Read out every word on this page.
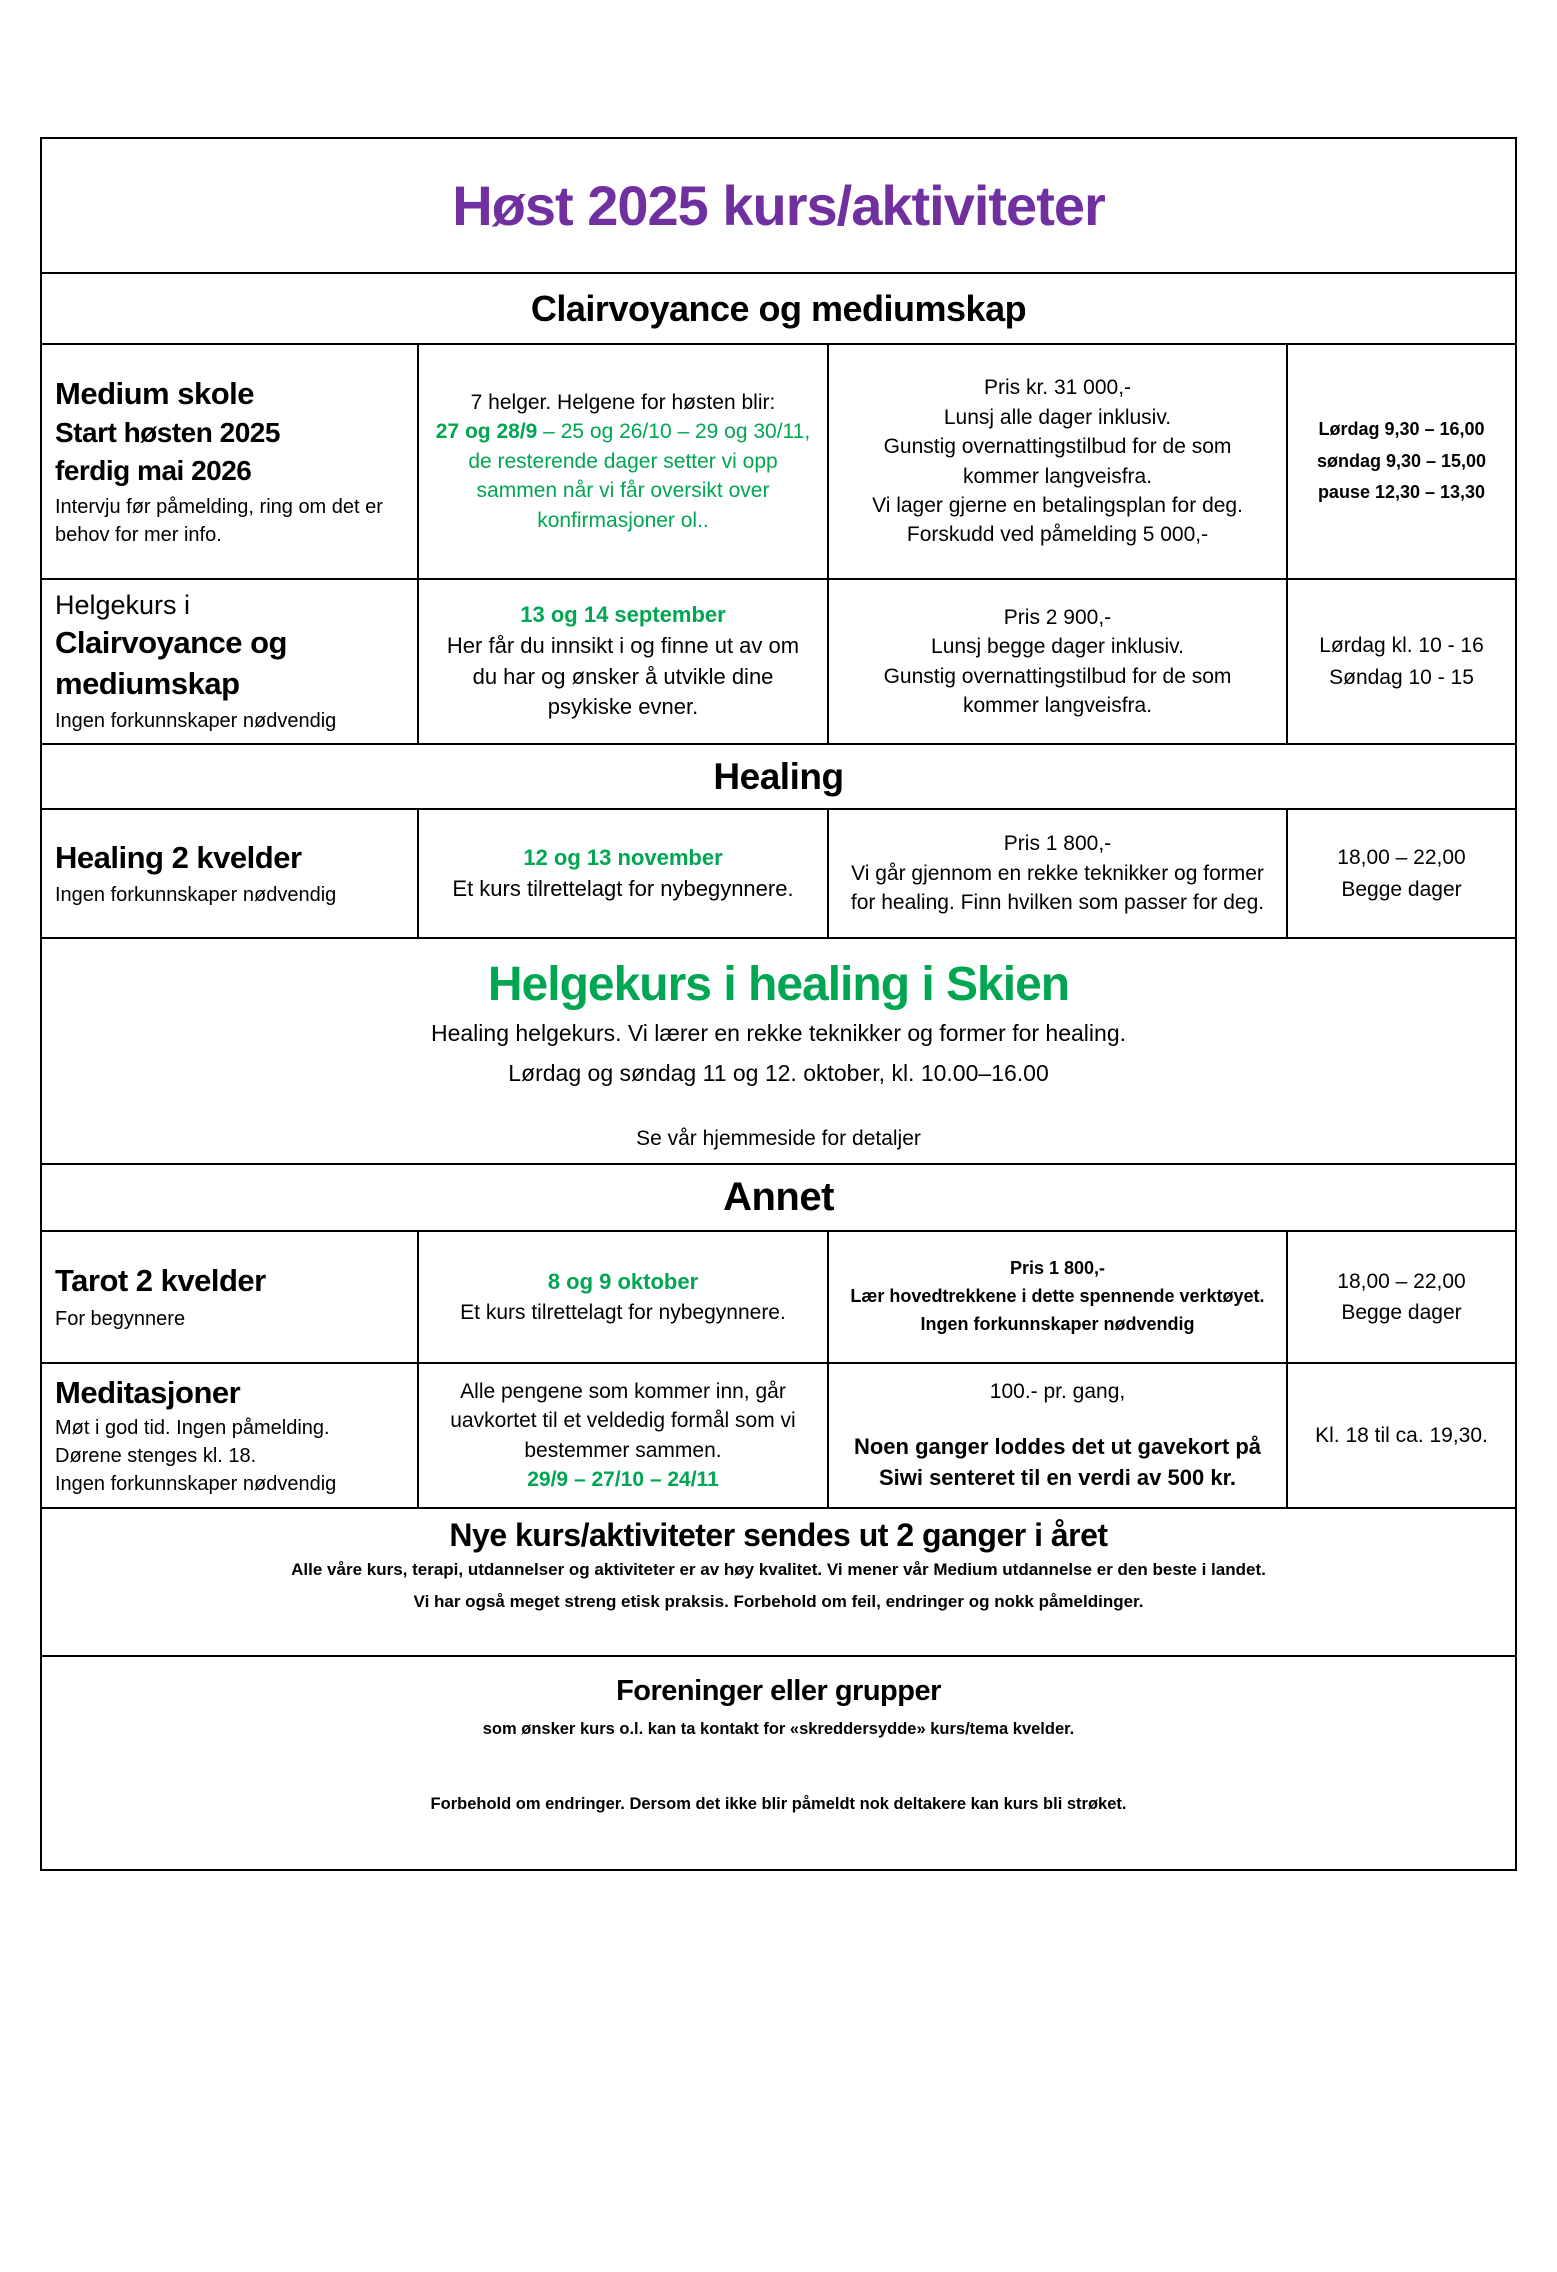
Høst 2025 kurs/aktiviteter
Clairvoyance og mediumskap
Medium skole
Start høsten 2025
ferdig mai 2026
Intervju før påmelding, ring om det er behov for mer info.
7 helger. Helgene for høsten blir:
27 og 28/9 – 25 og 26/10 – 29 og 30/11, de resterende dager setter vi opp sammen når vi får oversikt over konfirmasjoner ol..
Pris kr. 31 000,-
Lunsj alle dager inklusiv.
Gunstig overnattingstilbud for de som kommer langveisfra.
Vi lager gjerne en betalingsplan for deg.
Forskudd ved påmelding 5 000,-
Lørdag 9,30 – 16,00
søndag 9,30 – 15,00
pause 12,30 – 13,30
Helgekurs i
Clairvoyance og mediumskap
Ingen forkunnskaper nødvendig
13 og 14 september
Her får du innsikt i og finne ut av om du har og ønsker å utvikle dine psykiske evner.
Pris 2 900,-
Lunsj begge dager inklusiv.
Gunstig overnattingstilbud for de som kommer langveisfra.
Lørdag kl. 10 - 16
Søndag 10 - 15
Healing
Healing 2 kvelder
Ingen forkunnskaper nødvendig
12 og 13 november
Et kurs tilrettelagt for nybegynnere.
Pris 1 800,-
Vi går gjennom en rekke teknikker og former for healing. Finn hvilken som passer for deg.
18,00 – 22,00
Begge dager
Helgekurs i healing i Skien
Healing helgekurs. Vi lærer en rekke teknikker og former for healing.
Lørdag og søndag 11 og 12. oktober, kl. 10.00–16.00
Se vår hjemmeside for detaljer
Annet
Tarot 2 kvelder
For begynnere
8 og 9 oktober
Et kurs tilrettelagt for nybegynnere.
Pris 1 800,-
Lær hovedtrekkene i dette spennende verktøyet.
Ingen forkunnskaper nødvendig
18,00 – 22,00
Begge dager
Meditasjoner
Møt i god tid. Ingen påmelding.
Dørene stenges kl. 18.
Ingen forkunnskaper nødvendig
Alle pengene som kommer inn, går uavkortet til et veldedig formål som vi bestemmer sammen.
29/9 – 27/10 – 24/11
100.- pr. gang,
Noen ganger loddes det ut gavekort på Siwi senteret til en verdi av 500 kr.
Kl. 18 til ca. 19,30.
Nye kurs/aktiviteter sendes ut 2 ganger i året
Alle våre kurs, terapi, utdannelser og aktiviteter er av høy kvalitet. Vi mener vår Medium utdannelse er den beste i landet.
Vi har også meget streng etisk praksis. Forbehold om feil, endringer og nokk påmeldinger.
Foreninger eller grupper
som ønsker kurs o.l. kan ta kontakt for «skreddersydde» kurs/tema kvelder.
Forbehold om endringer. Dersom det ikke blir påmeldt nok deltakere kan kurs bli strøket.
